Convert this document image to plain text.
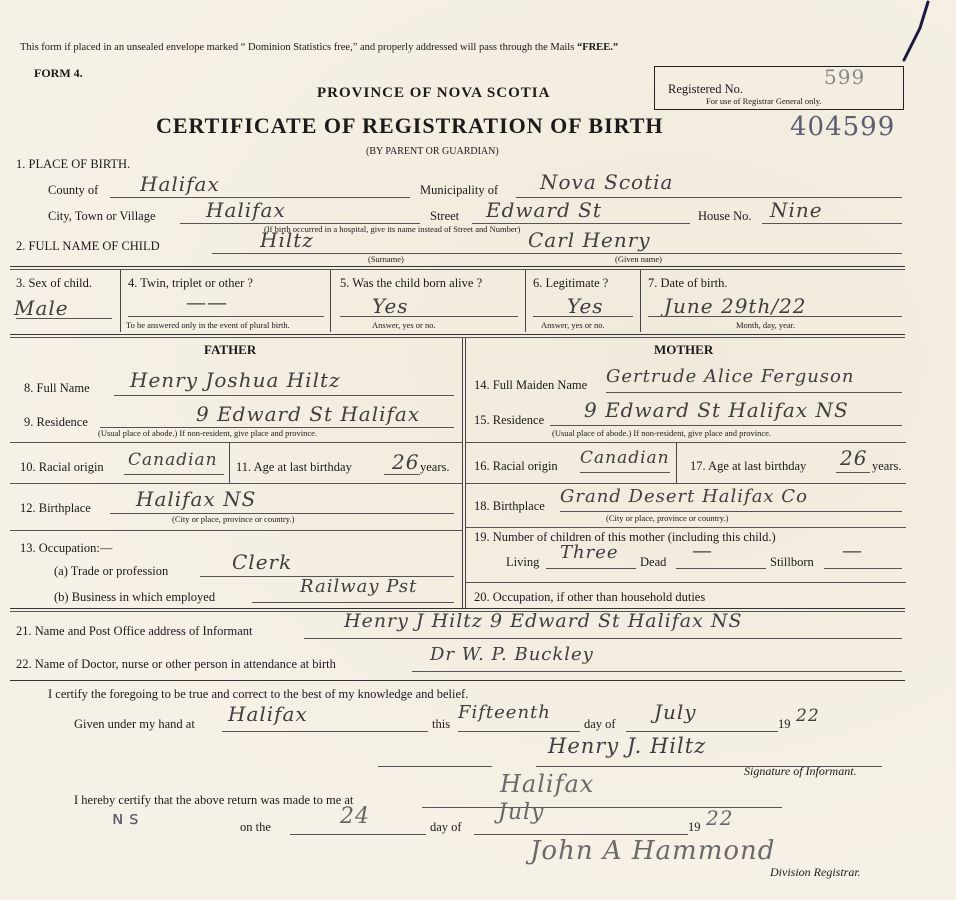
This form if placed in an unsealed envelope marked “ Dominion Statistics free,” and properly addressed will pass through the Mails “FREE.”
FORM 4.
PROVINCE OF NOVA SCOTIA
CERTIFICATE OF REGISTRATION OF BIRTH
(BY PARENT OR GUARDIAN)
Registered No.	599
For use of Registrar General only.
404599
1. PLACE OF BIRTH.
County of Halifax	Municipality of Nova Scotia
City, Town or Village	Halifax
(If birth occurred in a hospital, give its name instead of Street and Number)
Street Edward St	House No. Nine
2. FULL NAME OF CHILD	Hiltz	Carl Henry
(Surname)	(Given name)
3. Sex of child.
Male
4. Twin, triplet or other ?
——
To be answered only in the event of plural birth.
5. Was the child born alive ?
Yes
Answer, yes or no.
6. Legitimate ?
Yes
Answer, yes or no.
7. Date of birth.
June 29th/22
Month, day, year.
FATHER
8. Full Name Henry Joshua Hiltz
9. Residence	9 Edward St Halifax
(Usual place of abode.) If non-resident, give place and province.
10. Racial origin Canadian 11. Age at last birthday 26 years.
12. Birthplace Halifax NS
(City or place, province or country.)
13. Occupation:—
(a) Trade or profession	Clerk
(b) Business in which employed	Railway Pst
MOTHER
14. Full Maiden Name Gertrude Alice Ferguson
15. Residence 9 Edward St Halifax NS
(Usual place of abode.) If non-resident, give place and province.
16. Racial origin Canadian 17. Age at last birthday 26 years.
18. Birthplace Grand Desert Halifax Co
(City or place, province or country.)
19. Number of children of this mother (including this child.)
Living Three Dead —	Stillborn —
20. Occupation, if other than household duties
21. Name and Post Office address of Informant	Henry J Hiltz 9 Edward St Halifax NS
22. Name of Doctor, nurse or other person in attendance at birth	Dr W. P. Buckley
I certify the foregoing to be true and correct to the best of my knowledge and belief.
Given under my hand at Halifax	this
Fifteenth
day of July	19 22
Henry J. Hiltz
Signature of Informant.
I hereby certify that the above return was made to me at
Halifax
ɴ ꜱ	on the	24	day of
July
19 22
John A Hammond
Division Registrar.
